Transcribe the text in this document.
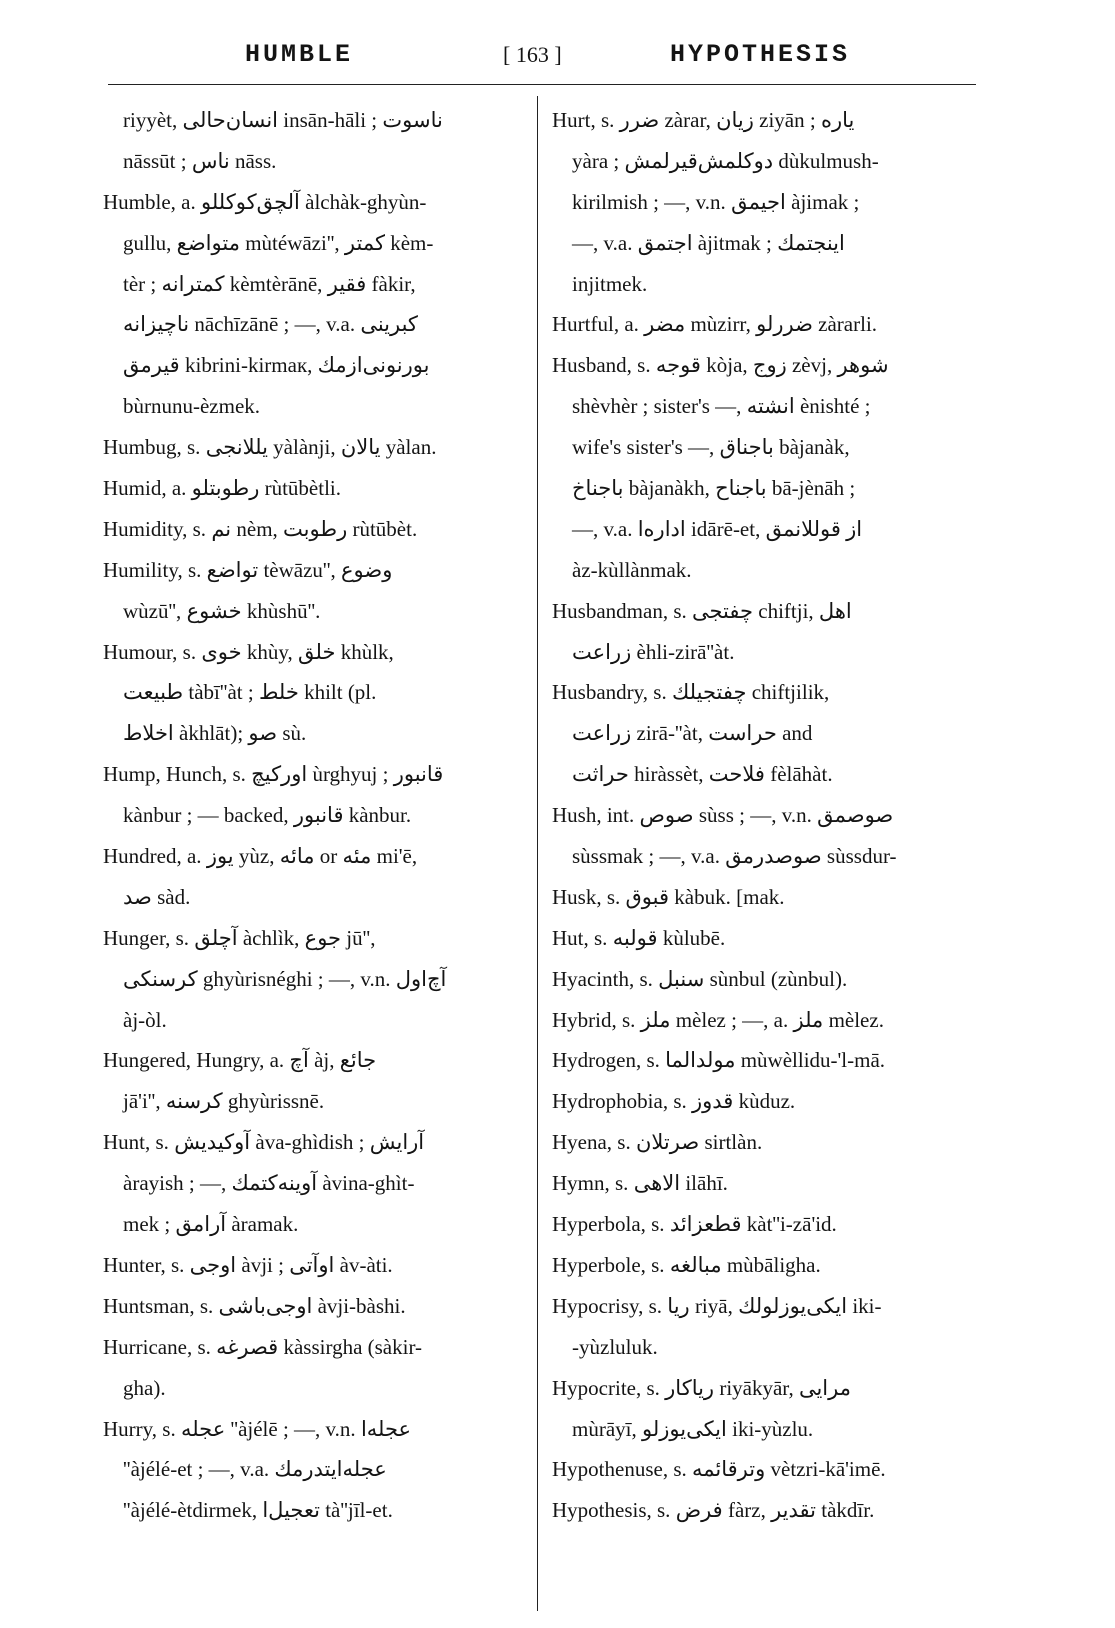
HUMBLE	[ 163 ]	HYPOTHESIS
riyyèt, انسان‌حالی insān-hāli ; ناسوت
nāssūt ; ناس nāss.
Humble, a. آلچق‌کوکللو àlchàk-ghyùn-
gullu, متواضع mùtéwāzi'', کمتر kèm-
tèr ; کمترانه kèmtèrānē, فقیر fàkir,
ناچیزانه nāchīzānē ; —, v.a. کبرینی
قیرمق kibrini-kirmaк, بورنونی‌ازمك
bùrnunu-èzmek.
Humbug, s. یللانجی yàlànji, یالان yàlan.
Humid, a. رطوبتلو rùtūbètli.
Humidity, s. نم nèm, رطوبت rùtūbèt.
Humility, s. تواضع tèwāzu'', وضوع
wùzū'', خشوع khùshū''.
Humour, s. خوی khùy, خلق khùlk,
طبیعت tàbī''àt ; خلط khilt (pl.
اخلاط àkhlāt); صو sù.
Hump, Hunch, s. اورکیچ ùrghyuj ; قانبور
kànbur ; — backed, قانبور kànbur.
Hundred, a. یوز yùz, مائه or مئه mi'ē,
صد sàd.
Hunger, s. آچلق àchlìk, جوع jū'',
کرسنکی ghyùrisnéghi ; —, v.n. آچ‌اول
àj-òl.
Hungered, Hungry, a. آچ àj, جائع
jā'i'', کرسنه ghyùrissnē.
Hunt, s. آوکیدیش àva-ghìdish ; آرایش
àrayish ; —, آوینه‌کتمك àvina-ghìt-
mek ; آرامق àramak.
Hunter, s. اوجی àvji ; اوآتی àv-àti.
Huntsman, s. اوجی‌باشی àvji-bàshi.
Hurricane, s. قصرغه kàssirgha (sàkir-
gha).
Hurry, s. عجله ''àjélē ; —, v.n. عجله‌ا
''àjélé-et ; —, v.a. عجله‌ایتدرمك
''àjélé-ètdirmek, تعجیل‌ا tà''jīl-et.
Hurt, s. ضرر zàrar, زیان ziyān ; یاره
yàra ; دوکلمش‌قیرلمش dùkulmush-
kirilmish ; —, v.n. اجیمق àjimak ;
—, v.a. اجتمق àjitmak ; اینجتمك
injitmek.
Hurtful, a. مضر mùzirr, ضررلو zàrarli.
Husband, s. قوجه kòja, زوج zèvj, شوهر
shèvhèr ; sister's —, انشته ènishté ;
wife's sister's —, باجناق bàjanàk,
باجناخ bàjanàkh, باجناح bā-jènāh ;
—, v.a. اداره‌ا idārē-et, از قوللانمق
àz-kùllànmak.
Husbandman, s. چفتجی chiftji, اهل
زراعت èhli-zirā''àt.
Husbandry, s. چفتجیلك chiftjilik,
زراعت zirā-''àt, حراست and
حراثت hiràssèt, فلاحت fèlāhàt.
Hush, int. صوص sùss ; —, v.n. صوصمق
sùssmak ; —, v.a. صوصدرمق sùssdur-
Husk, s. قبوق kàbuk. [mak.
Hut, s. قولبه kùlubē.
Hyacinth, s. سنبل sùnbul (zùnbul).
Hybrid, s. ملز mèlez ; —, a. ملز mèlez.
Hydrogen, s. مولدالما mùwèllidu-'l-mā.
Hydrophobia, s. قدوز kùduz.
Hyena, s. صرتلان sirtlàn.
Hymn, s. الاهی ilāhī.
Hyperbola, s. قطعزائد kàt''i-zā'id.
Hyperbole, s. مبالغه mùbāligha.
Hypocrisy, s. ریا riyā, ایکی‌یوزلولك iki-
-yùzluluk.
Hypocrite, s. ریاکار riyākyār, مرایی
mùrāyī, ایکی‌یوزلو iki-yùzlu.
Hypothenuse, s. وترقائمه vètzri-kā'imē.
Hypothesis, s. فرض fàrz, تقدیر tàkdīr.
